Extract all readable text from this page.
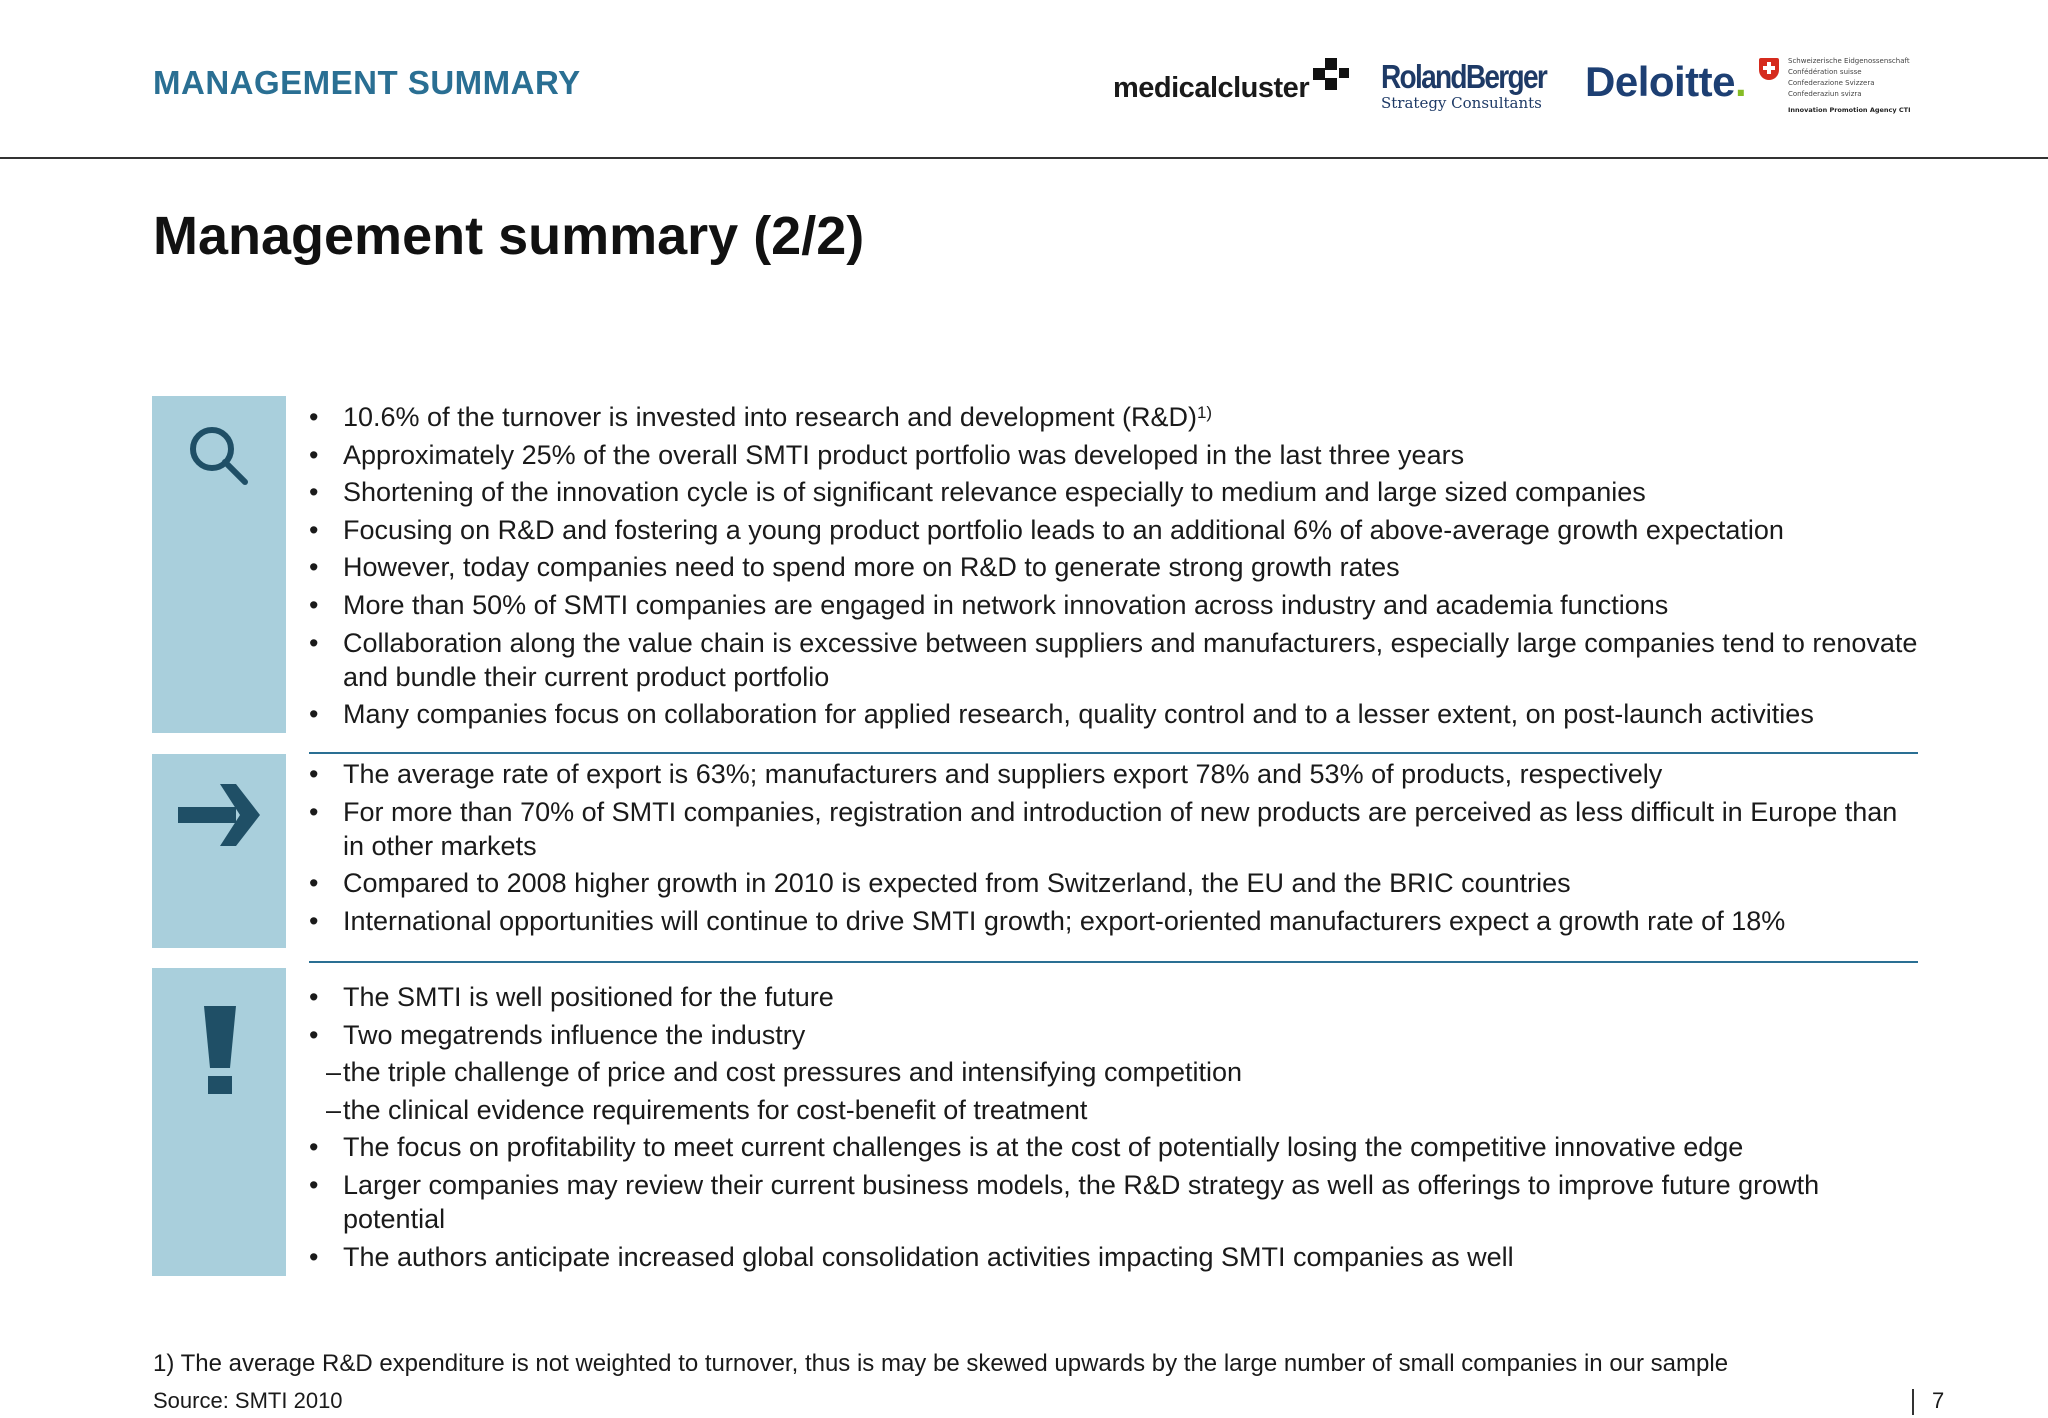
MANAGEMENT SUMMARY	medicalcluster RolandBerger
Strategy Consultants	Deloitte.	Schweizerische Eidgenossenschaft
Confédération suisse
Confederazione Svizzera
Confederaziun svizra
Innovation Promotion Agency CTI
Management summary (2/2)
• 10.6% of the turnover is invested into research and development (R&D)$^{1)}$
• Approximately 25% of the overall SMTI product portfolio was developed in the last three years
• Shortening of the innovation cycle is of significant relevance especially to medium and large sized companies
• Focusing on R&D and fostering a young product portfolio leads to an additional 6% of above-average growth expectation
• However, today companies need to spend more on R&D to generate strong growth rates
• More than 50% of SMTI companies are engaged in network innovation across industry and academia functions
• Collaboration along the value chain is excessive between suppliers and manufacturers, especially large companies tend to renovate and bundle their current product portfolio
• Many companies focus on collaboration for applied research, quality control and to a lesser extent, on post-launch activities
• The average rate of export is 63%; manufacturers and suppliers export 78% and 53% of products, respectively
• For more than 70% of SMTI companies, registration and introduction of new products are perceived as less difficult in Europe than in other markets
• Compared to 2008 higher growth in 2010 is expected from Switzerland, the EU and the BRIC countries
• International opportunities will continue to drive SMTI growth; export-oriented manufacturers expect a growth rate of 18%
• The SMTI is well positioned for the future
• Two megatrends influence the industry
– the triple challenge of price and cost pressures and intensifying competition
– the clinical evidence requirements for cost-benefit of treatment
• The focus on profitability to meet current challenges is at the cost of potentially losing the competitive innovative edge
• Larger companies may review their current business models, the R&D strategy as well as offerings to improve future growth potential
• The authors anticipate increased global consolidation activities impacting SMTI companies as well
1) The average R&D expenditure is not weighted to turnover, thus is may be skewed upwards by the large number of small companies in our sample
Source: SMTI 2010	7
